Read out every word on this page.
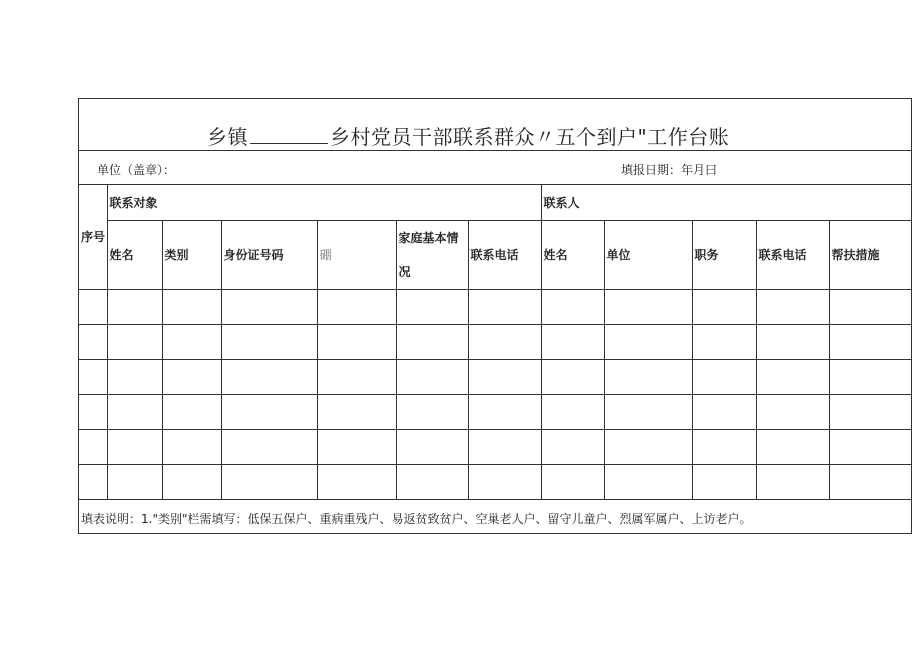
乡镇	乡村党员干部联系群众〃五个到户"工作台账
单位（盖章）：	填报日期：年月曰
序号	联系对象						联系人				
	姓名	类别	身份证号码	硼	家庭基本情况	联系电话	姓名	单位	职务	联系电话	帮扶措施

填表说明：1."类别"栏需填写：低保五保户、重病重残户、易返贫致贫户、空巢老人户、留守儿童户、烈属军属户、上访老户。
